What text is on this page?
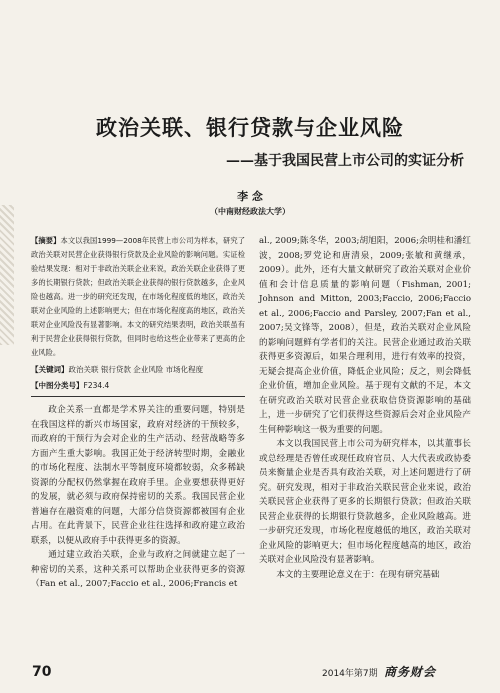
政治关联、银行贷款与企业风险
——基于我国民营上市公司的实证分析
李 念
（中南财经政法大学）
【摘要】本文以我国1999—2008年民营上市公司为样本，研究了政治关联对民营企业获得银行贷款及企业风险的影响问题。实证检验结果发现：相对于非政治关联企业来说，政治关联企业获得了更多的长期银行贷款；但政治关联企业获得的银行贷款越多，企业风险也越高。进一步的研究还发现，在市场化程度低的地区，政治关联对企业风险的上述影响更大；但在市场化程度高的地区，政治关联对企业风险没有显著影响。本文的研究结果表明，政治关联虽有利于民营企业获得银行贷款，但同时也给这些企业带来了更高的企业风险。
【关键词】政治关联 银行贷款 企业风险 市场化程度
【中图分类号】F234.4

政企关系一直都是学术界关注的重要问题，特别是在我国这样的新兴市场国家，政府对经济的干预较多，而政府的干预行为会对企业的生产活动、经营战略等多方面产生重大影响。我国正处于经济转型时期，金融业的市场化程度、法制水平等制度环境都较弱，众多稀缺资源的分配权仍然掌握在政府手里。企业要想获得更好的发展，就必须与政府保持密切的关系。我国民营企业普遍存在融资难的问题，大部分信贷资源都被国有企业占用。在此背景下，民营企业往往选择和政府建立政治联系，以便从政府手中获得更多的资源。

通过建立政治关联，企业与政府之间就建立起了一种密切的关系，这种关系可以帮助企业获得更多的资源（Fan et al., 2007;Faccio et al., 2006;Francis et

al., 2009;陈冬华，2003;胡旭阳，2006;余明桂和潘红波，2008;罗党论和唐清泉，2009;张敏和黄继承，2009）。此外，还有大量文献研究了政治关联对企业价值和会计信息质量的影响问题（Fishman, 2001; Johnson and Mitton, 2003;Faccio, 2006;Faccio et al., 2006;Faccio and Parsley, 2007;Fan et al., 2007;吴文锋等，2008），但是，政治关联对企业风险的影响问题鲜有学者们的关注。民营企业通过政治关联获得更多资源后，如果合理利用，进行有效率的投资，无疑会提高企业价值，降低企业风险；反之，则会降低企业价值，增加企业风险。基于现有文献的不足，本文在研究政治关联对民营企业获取信贷资源影响的基础上，进一步研究了它们获得这些资源后会对企业风险产生何种影响这一极为重要的问题。

本文以我国民营上市公司为研究样本，以其董事长或总经理是否曾任或现任政府官员、人大代表或政协委员来衡量企业是否具有政治关联，对上述问题进行了研究。研究发现，相对于非政治关联民营企业来说，政治关联民营企业获得了更多的长期银行贷款；但政治关联民营企业获得的长期银行贷款越多，企业风险越高。进一步研究还发现，市场化程度越低的地区，政治关联对企业风险的影响更大；但市场化程度越高的地区，政治关联对企业风险没有显著影响。

本文的主要理论意义在于：在现有研究基础

70	2014年第7期 商务财会
